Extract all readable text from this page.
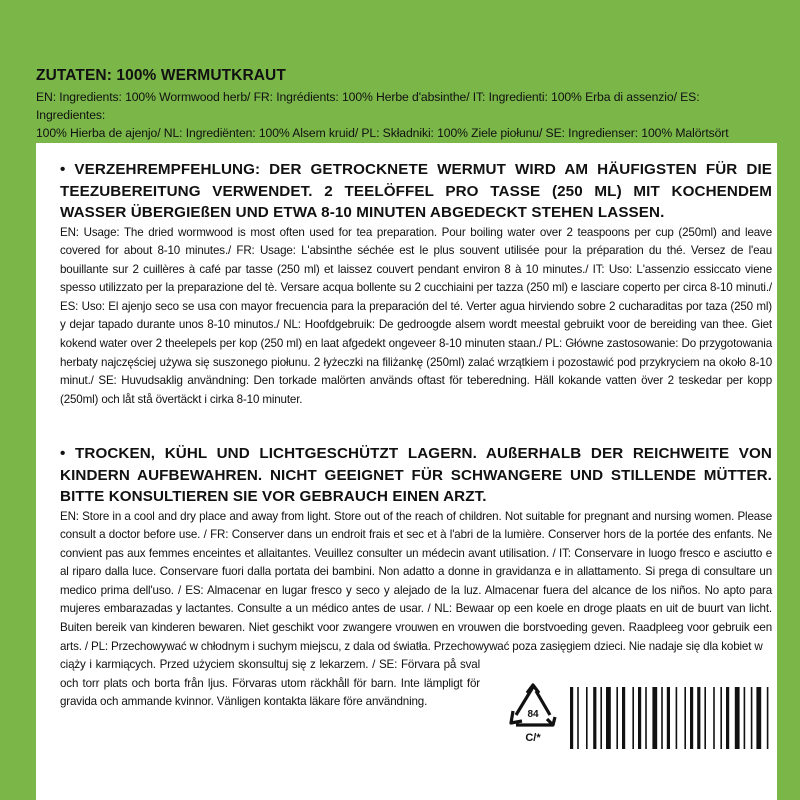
ZUTATEN: 100% WERMUTKRAUT

EN: Ingredients: 100% Wormwood herb/ FR: Ingrédients: 100% Herbe d'absinthe/ IT: Ingredienti: 100% Erba di assenzio/ ES: Ingredientes:

100% Hierba de ajenjo/ NL: Ingrediënten: 100% Alsem kruid/ PL: Składniki: 100% Ziele piołunu/ SE: Ingredienser: 100% Malörtsört

• VERZEHREMPFEHLUNG: DER GETROCKNETE WERMUT WIRD AM HÄUFIGSTEN FÜR DIE TEEZUBEREITUNG VERWENDET. 2 TEELÖFFEL PRO TASSE (250 ML) MIT KOCHENDEM WASSER ÜBERGIEßEN UND ETWA 8-10 MINUTEN ABGEDECKT STEHEN LASSEN.

EN: Usage: The dried wormwood is most often used for tea preparation. Pour boiling water over 2 teaspoons per cup (250ml) and leave covered for about 8-10 minutes./ FR: Usage: L'absinthe séchée est le plus souvent utilisée pour la préparation du thé. Versez de l'eau bouillante sur 2 cuillères à café par tasse (250 ml) et laissez couvert pendant environ 8 à 10 minutes./ IT: Uso: L'assenzio essiccato viene spesso utilizzato per la preparazione del tè. Versare acqua bollente su 2 cucchiaini per tazza (250 ml) e lasciare coperto per circa 8-10 minuti./ ES: Uso: El ajenjo seco se usa con mayor frecuencia para la preparación del té. Verter agua hirviendo sobre 2 cucharaditas por taza (250 ml) y dejar tapado durante unos 8-10 minutos./ NL: Hoofdgebruik: De gedroogde alsem wordt meestal gebruikt voor de bereiding van thee. Giet kokend water over 2 theelepels per kop (250 ml) en laat afgedekt ongeveer 8-10 minuten staan./ PL: Główne zastosowanie: Do przygotowania herbaty najczęściej używa się suszonego piołunu. 2 łyżeczki na filiżankę (250ml) zalać wrzątkiem i pozostawić pod przykryciem na około 8-10 minut./ SE: Huvudsaklig användning: Den torkade malörten används oftast för teberedning. Häll kokande vatten över 2 teskedar per kopp (250ml) och låt stå övertäckt i cirka 8-10 minuter.

• TROCKEN, KÜHL UND LICHTGESCHÜTZT LAGERN. AUßERHALB DER REICHWEITE VON KINDERN AUFBEWAHREN. NICHT GEEIGNET FÜR SCHWANGERE UND STILLENDE MÜTTER. BITTE KONSULTIEREN SIE VOR GEBRAUCH EINEN ARZT.

EN: Store in a cool and dry place and away from light. Store out of the reach of children. Not suitable for pregnant and nursing women. Please consult a doctor before use. / FR: Conserver dans un endroit frais et sec et à l'abri de la lumière. Conserver hors de la portée des enfants. Ne convient pas aux femmes enceintes et allaitantes. Veuillez consulter un médecin avant utilisation. / IT: Conservare in luogo fresco e asciutto e al riparo dalla luce. Conservare fuori dalla portata dei bambini. Non adatto a donne in gravidanza e in allattamento. Si prega di consultare un medico prima dell'uso. / ES: Almacenar en lugar fresco y seco y alejado de la luz. Almacenar fuera del alcance de los niños. No apto para mujeres embarazadas y lactantes. Consulte a un médico antes de usar. / NL: Bewaar op een koele en droge plaats en uit de buurt van licht. Buiten bereik van kinderen bewaren. Niet geschikt voor zwangere vrouwen en vrouwen die borstvoeding geven. Raadpleeg voor gebruik een arts. / PL: Przechowywać w chłodnym i suchym miejscu, z dala od światła. Przechowywać poza zasięgiem dzieci. Nie nadaje się dla kobiet w

ciąży i karmiących. Przed użyciem skonsultuj się z lekarzem. / SE: Förvara på sval och torr plats och borta från ljus. Förvaras utom räckhåll för barn. Inte lämpligt för gravida och ammande kvinnor. Vänligen kontakta läkare före användning.

84
C/*
